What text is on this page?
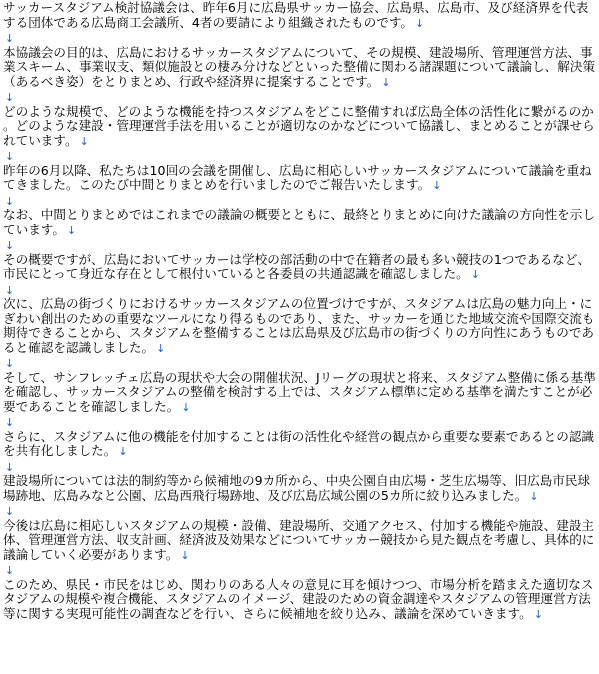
サッカースタジアム検討協議会は、昨年6月に広島県サッカー協会、広島県、広島市、及び経済界を代表する団体である広島商工会議所、4者の要請により組織されたものです。 ↓

↓

本協議会の目的は、広島におけるサッカースタジアムについて、その規模、建設場所、管理運営方法、事業スキーム、事業収支、類似施設との棲み分けなどといった整備に関わる諸課題について議論し、解決策（あるべき姿）をとりまとめ、行政や経済界に提案することです。 ↓

↓

どのような規模で、どのような機能を持つスタジアムをどこに整備すれば広島全体の活性化に繋がるのか。どのような建設・管理運営手法を用いることが適切なのかなどについて協議し、まとめることが課せられています。 ↓

↓

昨年の6月以降、私たちは10回の会議を開催し、広島に相応しいサッカースタジアムについて議論を重ねてきました。このたび中間とりまとめを行いましたのでご報告いたします。 ↓

↓

なお、中間とりまとめではこれまでの議論の概要とともに、最終とりまとめに向けた議論の方向性を示しています。 ↓

↓

その概要ですが、広島においてサッカーは学校の部活動の中で在籍者の最も多い競技の1つであるなど、市民にとって身近な存在として根付いていると各委員の共通認識を確認しました。 ↓

↓

次に、広島の街づくりにおけるサッカースタジアムの位置づけですが、スタジアムは広島の魅力向上・にぎわい創出のための重要なツールになり得るものであり、また、サッカーを通じた地域交流や国際交流も期待できることから、スタジアムを整備することは広島県及び広島市の街づくりの方向性にあうものであると確認を認識しました。 ↓

↓

そして、サンフレッチェ広島の現状や大会の開催状況、Jリーグの現状と将来、スタジアム整備に係る基準を確認し、サッカースタジアムの整備を検討する上では、スタジアム標準に定める基準を満たすことが必要であることを確認しました。 ↓

↓

さらに、スタジアムに他の機能を付加することは街の活性化や経営の観点から重要な要素であるとの認識を共有化しました。 ↓

↓

建設場所については法的制約等から候補地の9カ所から、中央公園自由広場・芝生広場等、旧広島市民球場跡地、広島みなと公園、広島西飛行場跡地、及び広島広域公園の5カ所に絞り込みました。 ↓

↓

今後は広島に相応しいスタジアムの規模・設備、建設場所、交通アクセス、付加する機能や施設、建設主体、管理運営方法、収支計画、経済波及効果などについてサッカー競技から見た観点を考慮し、具体的に議論していく必要があります。 ↓

↓

このため、県民・市民をはじめ、関わりのある人々の意見に耳を傾けつつ、市場分析を踏まえた適切なスタジアムの規模や複合機能、スタジアムのイメージ、建設のための資金調達やスタジアムの管理運営方法等に関する実現可能性の調査などを行い、さらに候補地を絞り込み、議論を深めていきます。 ↓
